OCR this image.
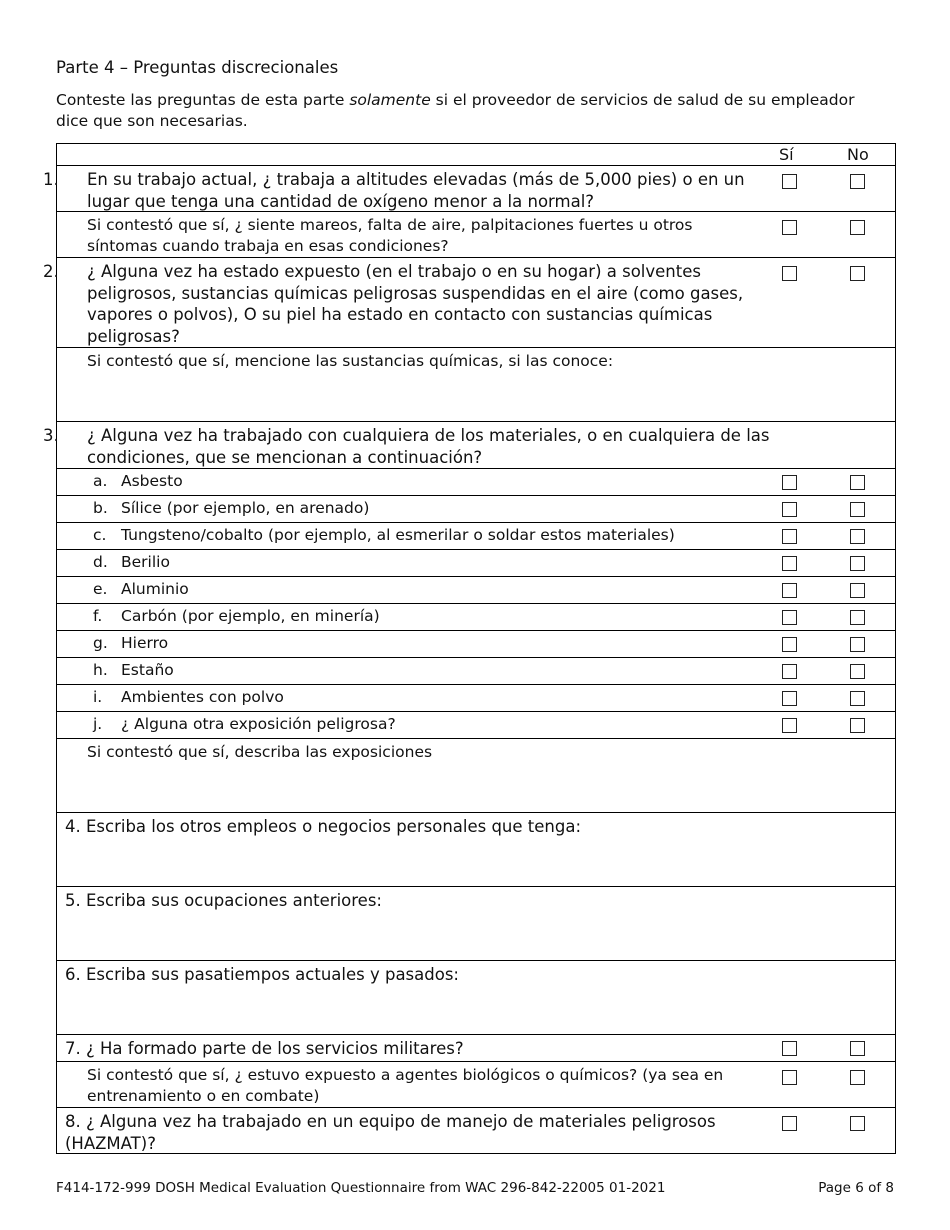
Parte 4 – Preguntas discrecionales
Conteste las preguntas de esta parte solamente si el proveedor de servicios de salud de su empleador dice que son necesarias.
Sí	No

1. En su trabajo actual, ¿ trabaja a altitudes elevadas (más de 5,000 pies) o en un lugar que tenga una cantidad de oxígeno menor a la normal?

Si contestó que sí, ¿ siente mareos, falta de aire, palpitaciones fuertes u otros síntomas cuando trabaja en esas condiciones?

2. ¿ Alguna vez ha estado expuesto (en el trabajo o en su hogar) a solventes peligrosos, sustancias químicas peligrosas suspendidas en el aire (como gases, vapores o polvos), O su piel ha estado en contacto con sustancias químicas peligrosas?

Si contestó que sí, mencione las sustancias químicas, si las conoce:

3. ¿ Alguna vez ha trabajado con cualquiera de los materiales, o en cualquiera de las condiciones, que se mencionan a continuación?

a. Asbesto

b. Sílice (por ejemplo, en arenado)

c. Tungsteno/cobalto (por ejemplo, al esmerilar o soldar estos materiales)

d. Berilio

e. Aluminio

f. Carbón (por ejemplo, en minería)

g. Hierro

h. Estaño

i. Ambientes con polvo

j. ¿ Alguna otra exposición peligrosa?

Si contestó que sí, describa las exposiciones

4. Escriba los otros empleos o negocios personales que tenga:

5. Escriba sus ocupaciones anteriores:

6. Escriba sus pasatiempos actuales y pasados:

7. ¿ Ha formado parte de los servicios militares?

Si contestó que sí, ¿ estuvo expuesto a agentes biológicos o químicos? (ya sea en entrenamiento o en combate)

8. ¿ Alguna vez ha trabajado en un equipo de manejo de materiales peligrosos (HAZMAT)?
F414-172-999 DOSH Medical Evaluation Questionnaire from WAC 296-842-22005 01-2021	Page 6 of 8
